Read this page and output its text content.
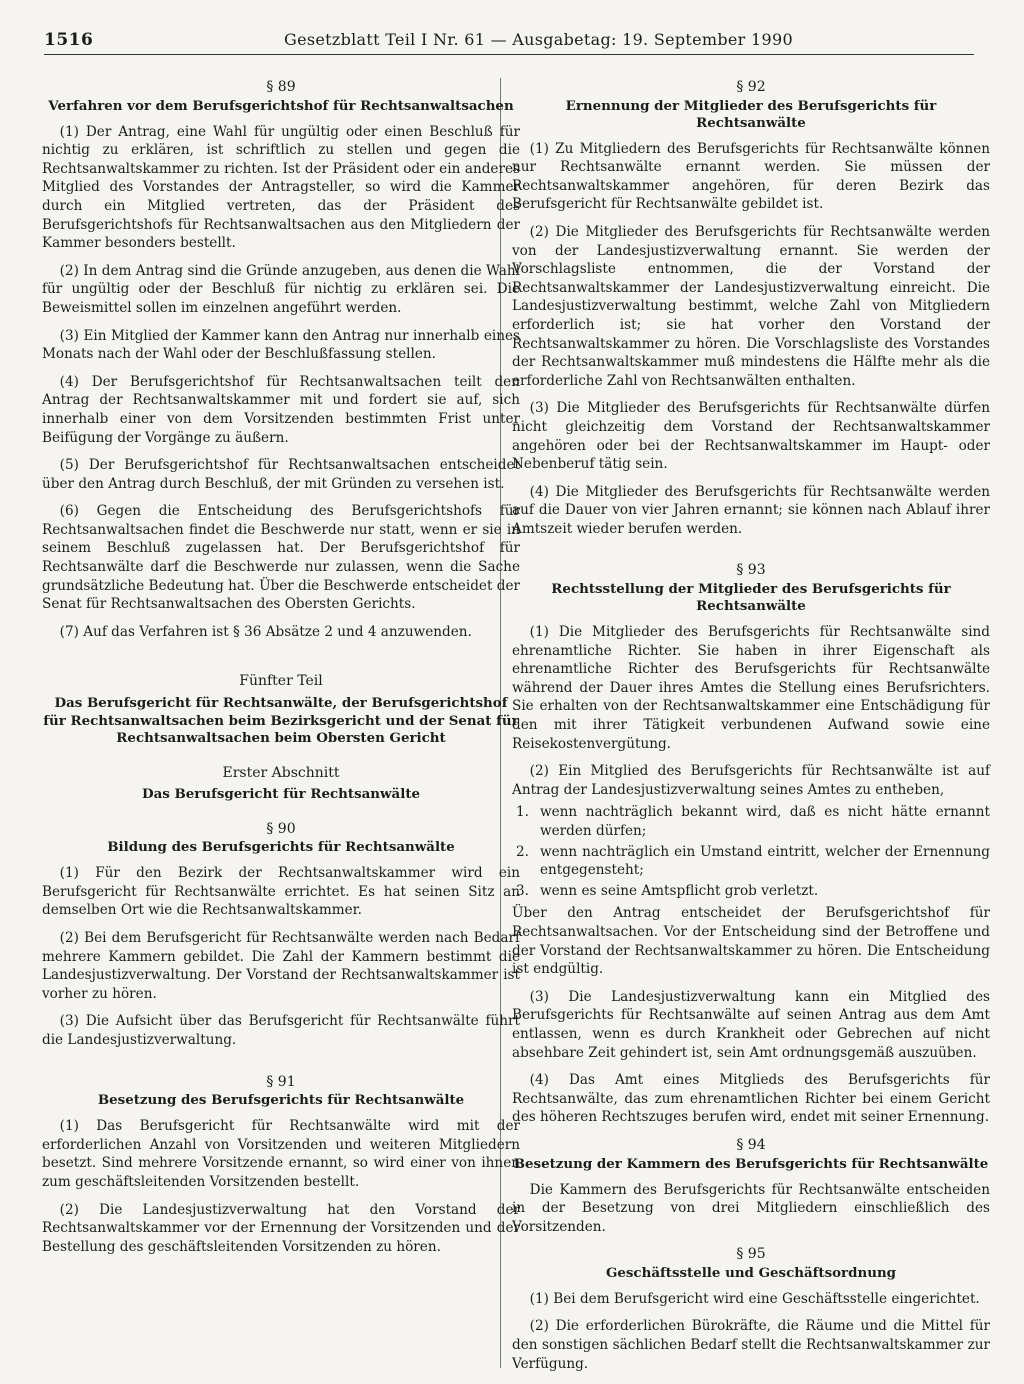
1516	Gesetzblatt Teil I Nr. 61 — Ausgabetag: 19. September 1990
§ 89
Verfahren vor dem Berufsgerichtshof für Rechtsanwaltsachen

(1) Der Antrag, eine Wahl für ungültig oder einen Beschluß für nichtig zu erklären, ist schriftlich zu stellen und gegen die Rechtsanwaltskammer zu richten. Ist der Präsident oder ein anderes Mitglied des Vorstandes der Antragsteller, so wird die Kammer durch ein Mitglied vertreten, das der Präsident des Berufsgerichtshofs für Rechtsanwaltsachen aus den Mitgliedern der Kammer besonders bestellt.

(2) In dem Antrag sind die Gründe anzugeben, aus denen die Wahl für ungültig oder der Beschluß für nichtig zu erklären sei. Die Beweismittel sollen im einzelnen angeführt werden.

(3) Ein Mitglied der Kammer kann den Antrag nur innerhalb eines Monats nach der Wahl oder der Beschlußfassung stellen.

(4) Der Berufsgerichtshof für Rechtsanwaltsachen teilt den Antrag der Rechtsanwaltskammer mit und fordert sie auf, sich innerhalb einer von dem Vorsitzenden bestimmten Frist unter Beifügung der Vorgänge zu äußern.

(5) Der Berufsgerichtshof für Rechtsanwaltsachen entscheidet über den Antrag durch Beschluß, der mit Gründen zu versehen ist.

(6) Gegen die Entscheidung des Berufsgerichtshofs für Rechtsanwaltsachen findet die Beschwerde nur statt, wenn er sie in seinem Beschluß zugelassen hat. Der Berufsgerichtshof für Rechtsanwälte darf die Beschwerde nur zulassen, wenn die Sache grundsätzliche Bedeutung hat. Über die Beschwerde entscheidet der Senat für Rechtsanwaltsachen des Obersten Gerichts.

(7) Auf das Verfahren ist § 36 Absätze 2 und 4 anzuwenden.

Fünfter Teil
Das Berufsgericht für Rechtsanwälte, der Berufsgerichtshof für Rechtsanwaltsachen beim Bezirksgericht und der Senat für Rechtsanwaltsachen beim Obersten Gericht
Erster Abschnitt
Das Berufsgericht für Rechtsanwälte
§ 90
Bildung des Berufsgerichts für Rechtsanwälte

(1) Für den Bezirk der Rechtsanwaltskammer wird ein Berufsgericht für Rechtsanwälte errichtet. Es hat seinen Sitz an demselben Ort wie die Rechtsanwaltskammer.

(2) Bei dem Berufsgericht für Rechtsanwälte werden nach Bedarf mehrere Kammern gebildet. Die Zahl der Kammern bestimmt die Landesjustizverwaltung. Der Vorstand der Rechtsanwaltskammer ist vorher zu hören.

(3) Die Aufsicht über das Berufsgericht für Rechtsanwälte führt die Landesjustizverwaltung.

§ 91
Besetzung des Berufsgerichts für Rechtsanwälte

(1) Das Berufsgericht für Rechtsanwälte wird mit der erforderlichen Anzahl von Vorsitzenden und weiteren Mitgliedern besetzt. Sind mehrere Vorsitzende ernannt, so wird einer von ihnen zum geschäftsleitenden Vorsitzenden bestellt.

(2) Die Landesjustizverwaltung hat den Vorstand der Rechtsanwaltskammer vor der Ernennung der Vorsitzenden und der Bestellung des geschäftsleitenden Vorsitzenden zu hören.

§ 92
Ernennung der Mitglieder des Berufsgerichts für Rechtsanwälte

(1) Zu Mitgliedern des Berufsgerichts für Rechtsanwälte können nur Rechtsanwälte ernannt werden. Sie müssen der Rechtsanwaltskammer angehören, für deren Bezirk das Berufsgericht für Rechtsanwälte gebildet ist.

(2) Die Mitglieder des Berufsgerichts für Rechtsanwälte werden von der Landesjustizverwaltung ernannt. Sie werden der Vorschlagsliste entnommen, die der Vorstand der Rechtsanwaltskammer der Landesjustizverwaltung einreicht. Die Landesjustizverwaltung bestimmt, welche Zahl von Mitgliedern erforderlich ist; sie hat vorher den Vorstand der Rechtsanwaltskammer zu hören. Die Vorschlagsliste des Vorstandes der Rechtsanwaltskammer muß mindestens die Hälfte mehr als die erforderliche Zahl von Rechtsanwälten enthalten.

(3) Die Mitglieder des Berufsgerichts für Rechtsanwälte dürfen nicht gleichzeitig dem Vorstand der Rechtsanwaltskammer angehören oder bei der Rechtsanwaltskammer im Haupt- oder Nebenberuf tätig sein.

(4) Die Mitglieder des Berufsgerichts für Rechtsanwälte werden auf die Dauer von vier Jahren ernannt; sie können nach Ablauf ihrer Amtszeit wieder berufen werden.

§ 93
Rechtsstellung der Mitglieder des Berufsgerichts für Rechtsanwälte

(1) Die Mitglieder des Berufsgerichts für Rechtsanwälte sind ehrenamtliche Richter. Sie haben in ihrer Eigenschaft als ehrenamtliche Richter des Berufsgerichts für Rechtsanwälte während der Dauer ihres Amtes die Stellung eines Berufsrichters. Sie erhalten von der Rechtsanwaltskammer eine Entschädigung für den mit ihrer Tätigkeit verbundenen Aufwand sowie eine Reisekostenvergütung.

(2) Ein Mitglied des Berufsgerichts für Rechtsanwälte ist auf Antrag der Landesjustizverwaltung seines Amtes zu entheben,

1. wenn nachträglich bekannt wird, daß es nicht hätte ernannt werden dürfen;
2. wenn nachträglich ein Umstand eintritt, welcher der Ernennung entgegensteht;
3. wenn es seine Amtspflicht grob verletzt.

Über den Antrag entscheidet der Berufsgerichtshof für Rechtsanwaltsachen. Vor der Entscheidung sind der Betroffene und der Vorstand der Rechtsanwaltskammer zu hören. Die Entscheidung ist endgültig.

(3) Die Landesjustizverwaltung kann ein Mitglied des Berufsgerichts für Rechtsanwälte auf seinen Antrag aus dem Amt entlassen, wenn es durch Krankheit oder Gebrechen auf nicht absehbare Zeit gehindert ist, sein Amt ordnungsgemäß auszuüben.

(4) Das Amt eines Mitglieds des Berufsgerichts für Rechtsanwälte, das zum ehrenamtlichen Richter bei einem Gericht des höheren Rechtszuges berufen wird, endet mit seiner Ernennung.

§ 94
Besetzung der Kammern des Berufsgerichts für Rechtsanwälte

Die Kammern des Berufsgerichts für Rechtsanwälte entscheiden in der Besetzung von drei Mitgliedern einschließlich des Vorsitzenden.

§ 95
Geschäftsstelle und Geschäftsordnung

(1) Bei dem Berufsgericht wird eine Geschäftsstelle eingerichtet.

(2) Die erforderlichen Bürokräfte, die Räume und die Mittel für den sonstigen sächlichen Bedarf stellt die Rechtsanwaltskammer zur Verfügung.
